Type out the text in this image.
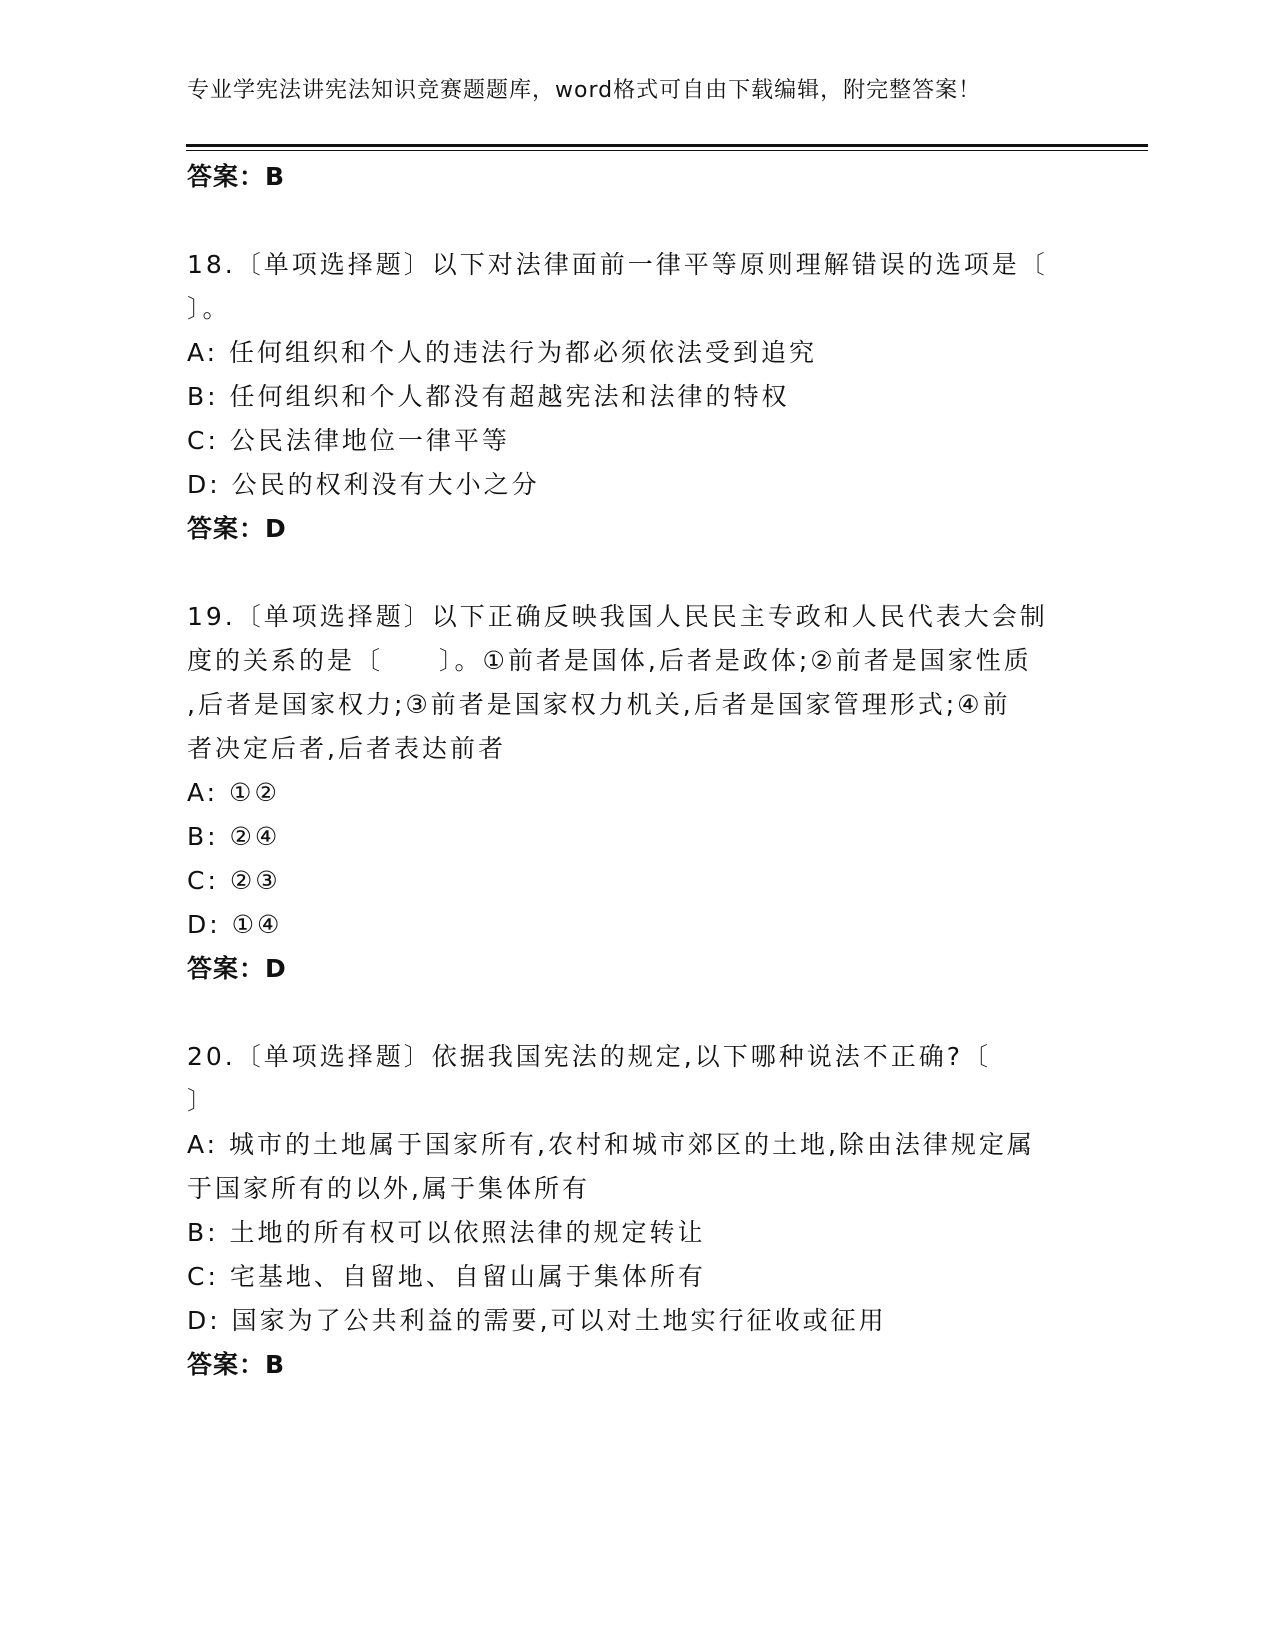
专业学宪法讲宪法知识竞赛题题库，word格式可自由下载编辑，附完整答案！
答案：B
18.〔单项选择题〕以下对法律面前一律平等原则理解错误的选项是〔
〕。
A: 任何组织和个人的违法行为都必须依法受到追究
B: 任何组织和个人都没有超越宪法和法律的特权
C: 公民法律地位一律平等
D: 公民的权利没有大小之分
答案：D
19.〔单项选择题〕以下正确反映我国人民民主专政和人民代表大会制
度的关系的是〔　　〕。①前者是国体,后者是政体;②前者是国家性质
,后者是国家权力;③前者是国家权力机关,后者是国家管理形式;④前
者决定后者,后者表达前者
A: ①②
B: ②④
C: ②③
D: ①④
答案：D
20.〔单项选择题〕依据我国宪法的规定,以下哪种说法不正确?〔
〕
A: 城市的土地属于国家所有,农村和城市郊区的土地,除由法律规定属
于国家所有的以外,属于集体所有
B: 土地的所有权可以依照法律的规定转让
C: 宅基地、自留地、自留山属于集体所有
D: 国家为了公共利益的需要,可以对土地实行征收或征用
答案：B
